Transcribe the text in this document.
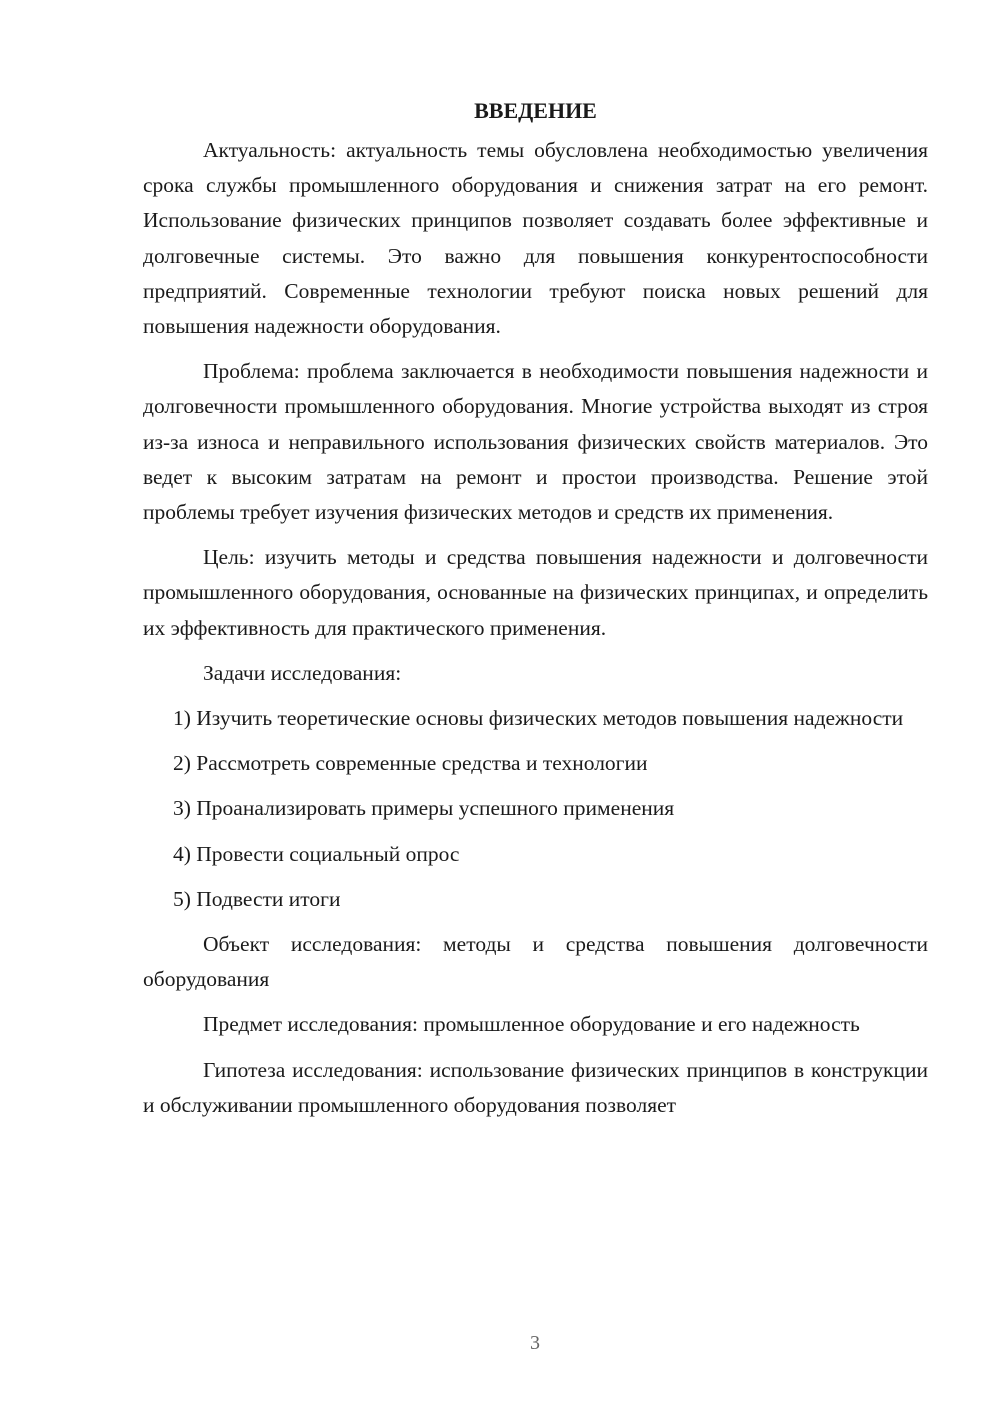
ВВЕДЕНИЕ

Актуальность: актуальность темы обусловлена необходимостью увеличения срока службы промышленного оборудования и снижения затрат на его ремонт. Использование физических принципов позволяет создавать более эффективные и долговечные системы. Это важно для повышения конкурентоспособности предприятий. Современные технологии требуют поиска новых решений для повышения надежности оборудования.

Проблема: проблема заключается в необходимости повышения надежности и долговечности промышленного оборудования. Многие устройства выходят из строя из-за износа и неправильного использования физических свойств материалов. Это ведет к высоким затратам на ремонт и простои производства. Решение этой проблемы требует изучения физических методов и средств их применения.

Цель: изучить методы и средства повышения надежности и долговечности промышленного оборудования, основанные на физических принципах, и определить их эффективность для практического применения.

Задачи исследования:

1) Изучить теоретические основы физических методов повышения надежности

2) Рассмотреть современные средства и технологии

3) Проанализировать примеры успешного применения

4) Провести социальный опрос

5) Подвести итоги

Объект исследования: методы и средства повышения долговечности оборудования

Предмет исследования: промышленное оборудование и его надежность

Гипотеза исследования: использование физических принципов в конструкции и обслуживании промышленного оборудования позволяет

3
